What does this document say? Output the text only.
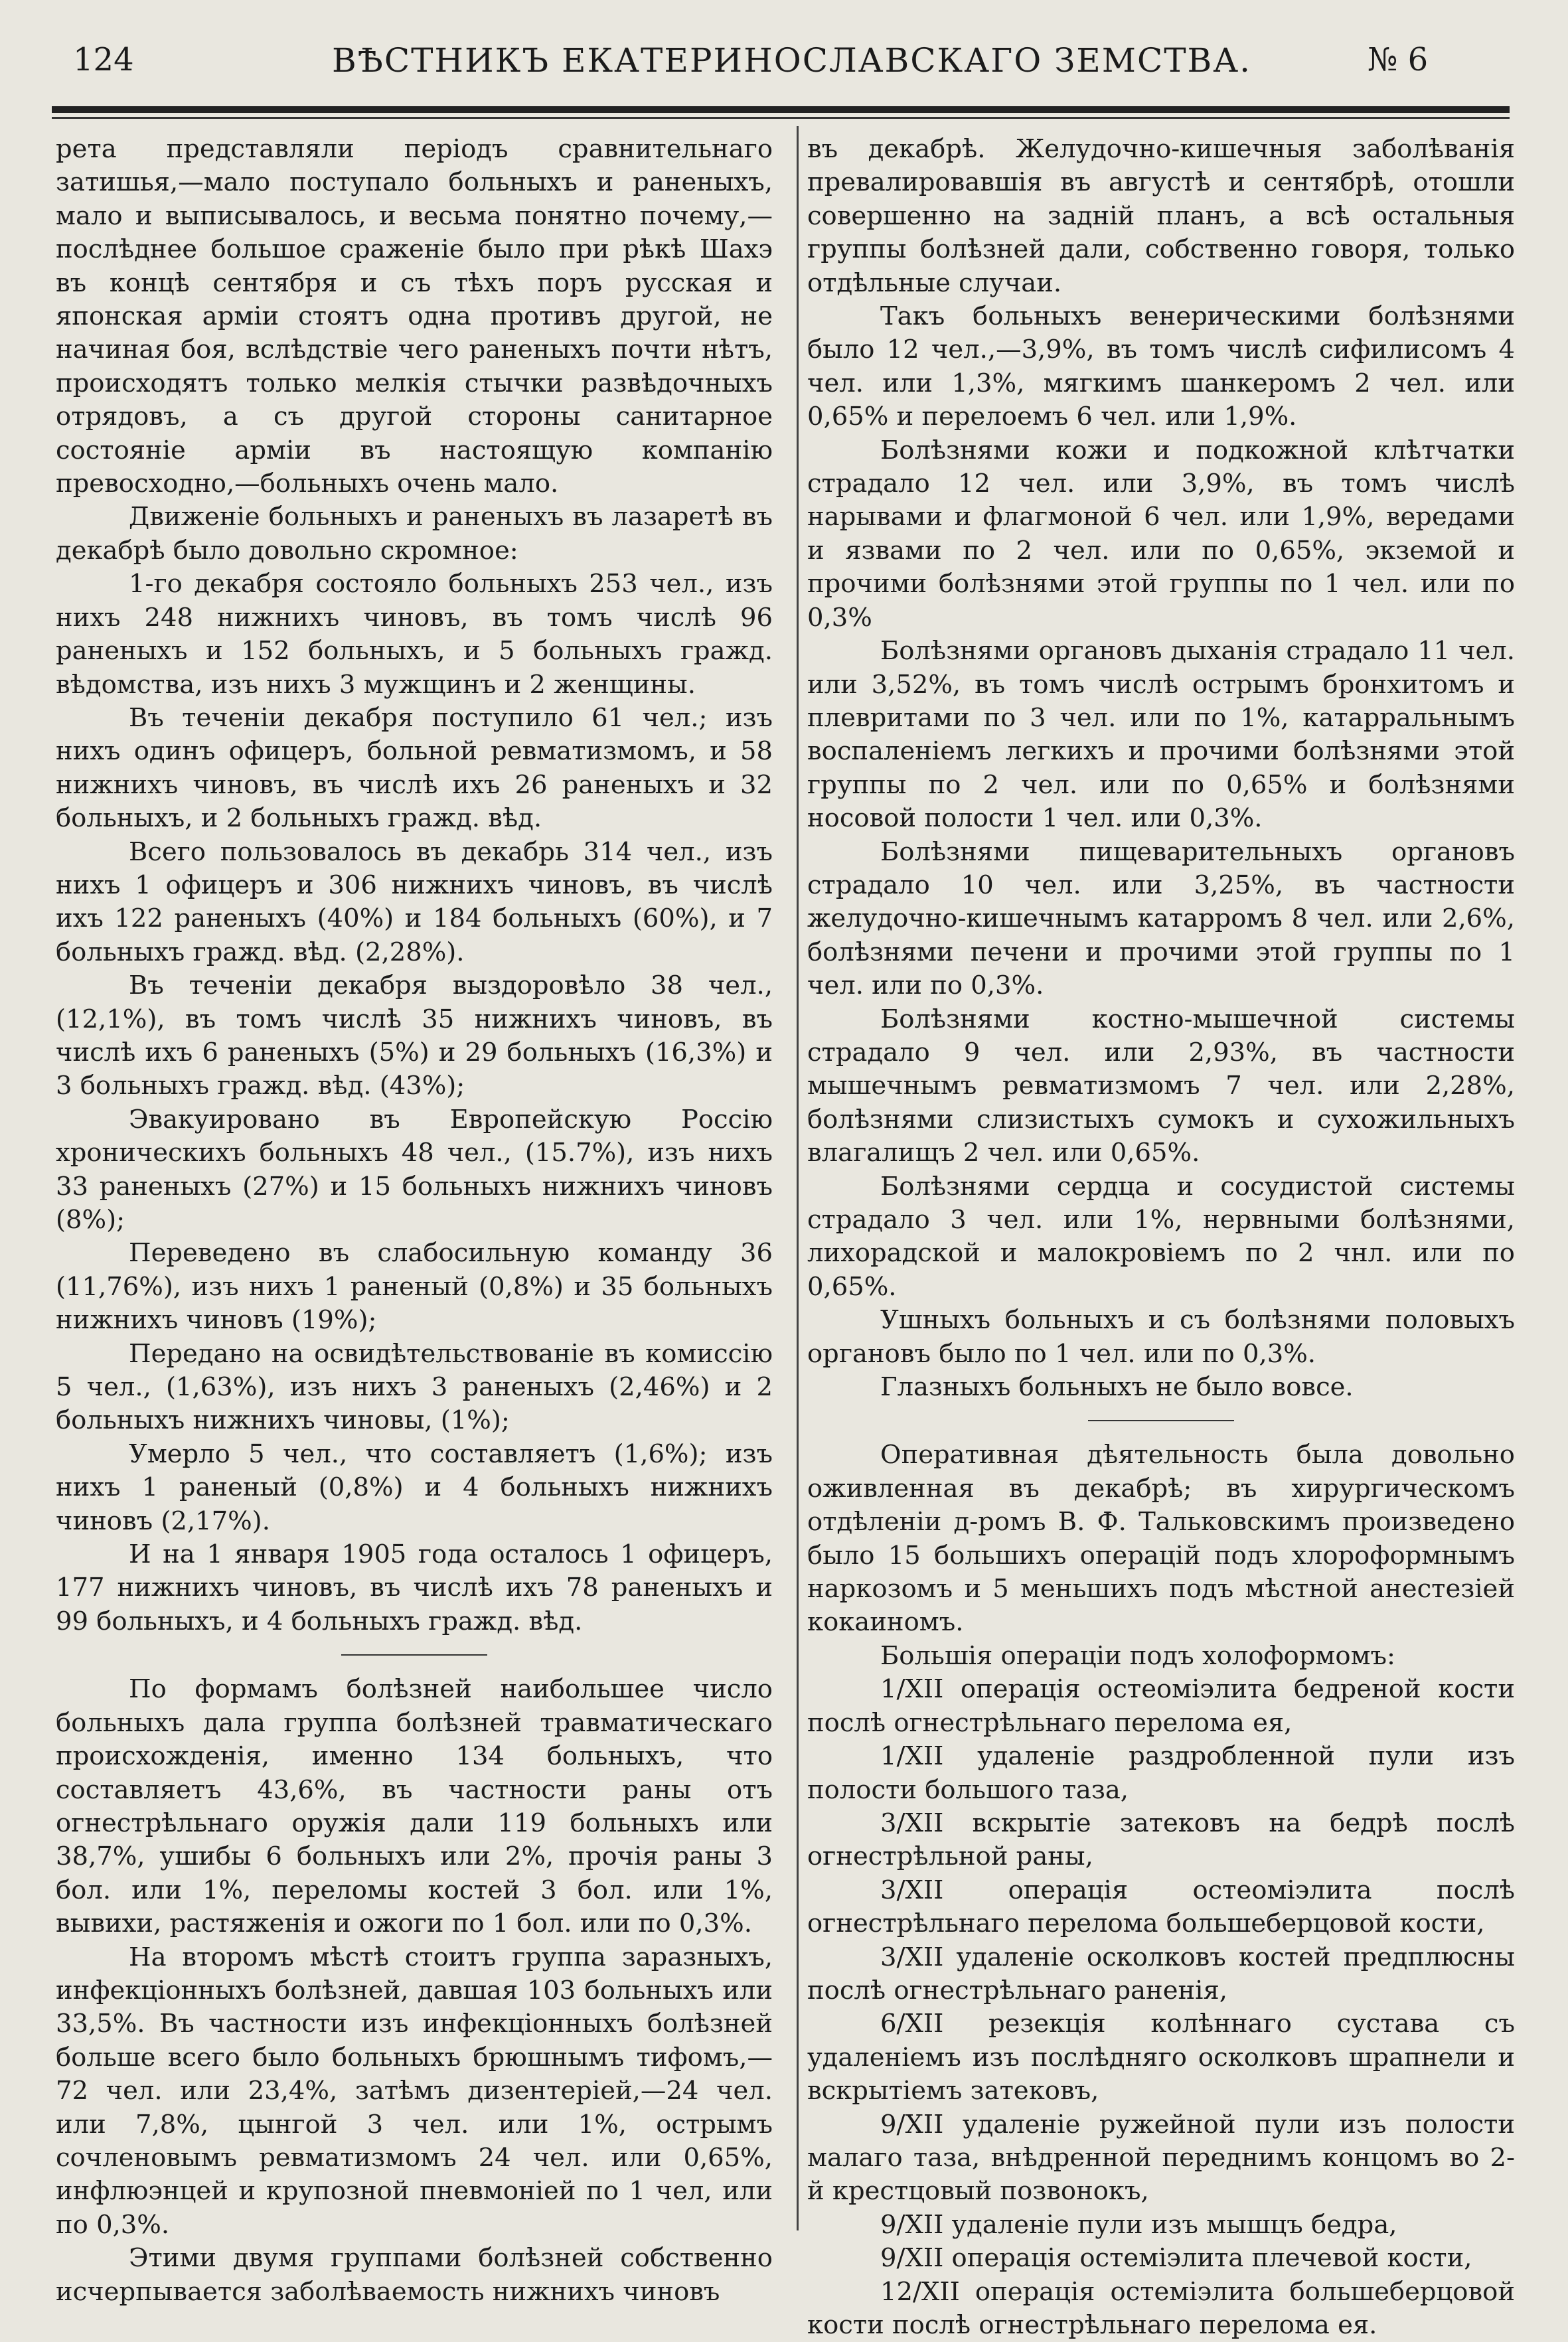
124	ВѢСТНИКЪ ЕКАТЕРИНОСЛАВСКАГО ЗЕМСТВА.	№ 6

рета представляли періодъ сравнительнаго затишья,—мало поступало больныхъ и раненыхъ, мало и выписывалось, и весьма понятно почему,—послѣднее большое сраженіе было при рѣкѣ Шахэ въ концѣ сентября и съ тѣхъ поръ русская и японская арміи стоятъ одна противъ другой, не начиная боя, вслѣдствіе чего раненыхъ почти нѣтъ, происходятъ только мелкія стычки развѣдочныхъ отрядовъ, а съ другой стороны санитарное состояніе арміи въ настоящую компанію превосходно,—больныхъ очень мало.

Движеніе больныхъ и раненыхъ въ лазаретѣ въ декабрѣ было довольно скромное:

1-го декабря состояло больныхъ 253 чел., изъ нихъ 248 нижнихъ чиновъ, въ томъ числѣ 96 раненыхъ и 152 больныхъ, и 5 больныхъ гражд. вѣдомства, изъ нихъ 3 мужщинъ и 2 женщины.

Въ теченіи декабря поступило 61 чел.; изъ нихъ одинъ офицеръ, больной ревматизмомъ, и 58 нижнихъ чиновъ, въ числѣ ихъ 26 раненыхъ и 32 больныхъ, и 2 больныхъ гражд. вѣд.

Всего пользовалось въ декабрь 314 чел., изъ нихъ 1 офицеръ и 306 нижнихъ чиновъ, въ числѣ ихъ 122 раненыхъ (40%) и 184 больныхъ (60%), и 7 больныхъ гражд. вѣд. (2,28%).

Въ теченіи декабря выздоровѣло 38 чел., (12,1%), въ томъ числѣ 35 нижнихъ чиновъ, въ числѣ ихъ 6 раненыхъ (5%) и 29 больныхъ (16,3%) и 3 больныхъ гражд. вѣд. (43%);

Эвакуировано въ Европейскую Россію хроническихъ больныхъ 48 чел., (15.7%), изъ нихъ 33 раненыхъ (27%) и 15 больныхъ нижнихъ чиновъ (8%);

Переведено въ слабосильную команду 36 (11,76%), изъ нихъ 1 раненый (0,8%) и 35 больныхъ нижнихъ чиновъ (19%);

Передано на освидѣтельствованіе въ комиссію 5 чел., (1,63%), изъ нихъ 3 раненыхъ (2,46%) и 2 больныхъ нижнихъ чиновы, (1%);

Умерло 5 чел., что составляетъ (1,6%); изъ нихъ 1 раненый (0,8%) и 4 больныхъ нижнихъ чиновъ (2,17%).

И на 1 января 1905 года осталось 1 офицеръ, 177 нижнихъ чиновъ, въ числѣ ихъ 78 раненыхъ и 99 больныхъ, и 4 больныхъ гражд. вѣд.

По формамъ болѣзней наибольшее число больныхъ дала группа болѣзней травматическаго происхожденія, именно 134 больныхъ, что составляетъ 43,6%, въ частности раны отъ огнестрѣльнаго оружія дали 119 больныхъ или 38,7%, ушибы 6 больныхъ или 2%, прочія раны 3 бол. или 1%, переломы костей 3 бол. или 1%, вывихи, растяженія и ожоги по 1 бол. или по 0,3%.

На второмъ мѣстѣ стоитъ группа заразныхъ, инфекціонныхъ болѣзней, давшая 103 больныхъ или 33,5%. Въ частности изъ инфекціонныхъ болѣзней больше всего было больныхъ брюшнымъ тифомъ,—72 чел. или 23,4%, затѣмъ дизентеріей,—24 чел. или 7,8%, цынгой 3 чел. или 1%, острымъ сочленовымъ ревматизмомъ 24 чел. или 0,65%, инфлюэнцей и крупозной пневмоніей по 1 чел, или по 0,3%.

Этими двумя группами болѣзней собственно исчерпывается заболѣваемость нижнихъ чиновъ

въ декабрѣ. Желудочно-кишечныя заболѣванія превалировавшія въ августѣ и сентябрѣ, отошли совершенно на задній планъ, а всѣ остальныя группы болѣзней дали, собственно говоря, только отдѣльные случаи.

Такъ больныхъ венерическими болѣзнями было 12 чел.,—3,9%, въ томъ числѣ сифилисомъ 4 чел. или 1,3%, мягкимъ шанкеромъ 2 чел. или 0,65% и перелоемъ 6 чел. или 1,9%.

Болѣзнями кожи и подкожной клѣтчатки страдало 12 чел. или 3,9%, въ томъ числѣ нарывами и флагмоной 6 чел. или 1,9%, вередами и язвами по 2 чел. или по 0,65%, экземой и прочими болѣзнями этой группы по 1 чел. или по 0,3%

Болѣзнями органовъ дыханія страдало 11 чел. или 3,52%, въ томъ числѣ острымъ бронхитомъ и плевритами по 3 чел. или по 1%, катарральнымъ воспаленіемъ легкихъ и прочими болѣзнями этой группы по 2 чел. или по 0,65% и болѣзнями носовой полости 1 чел. или 0,3%.

Болѣзнями пищеварительныхъ органовъ страдало 10 чел. или 3,25%, въ частности желудочно-кишечнымъ катарромъ 8 чел. или 2,6%, болѣзнями печени и прочими этой группы по 1 чел. или по 0,3%.

Болѣзнями костно-мышечной системы страдало 9 чел. или 2,93%, въ частности мышечнымъ ревматизмомъ 7 чел. или 2,28%, болѣзнями слизистыхъ сумокъ и сухожильныхъ влагалищъ 2 чел. или 0,65%.

Болѣзнями сердца и сосудистой системы страдало 3 чел. или 1%, нервными болѣзнями, лихорадской и малокровіемъ по 2 чнл. или по 0,65%.

Ушныхъ больныхъ и съ болѣзнями половыхъ органовъ было по 1 чел. или по 0,3%.

Глазныхъ больныхъ не было вовсе.

Оперативная дѣятельность была довольно оживленная въ декабрѣ; въ хирургическомъ отдѣленіи д-ромъ В. Ф. Тальковскимъ произведено было 15 большихъ операцій подъ хлороформнымъ наркозомъ и 5 меньшихъ подъ мѣстной анестезіей кокаиномъ.

Большія операціи подъ холоформомъ:

1/XII операція остеоміэлита бедреной кости послѣ огнестрѣльнаго перелома ея,

1/XII удаленіе раздробленной пули изъ полости большого таза,

3/XII вскрытіе затековъ на бедрѣ послѣ огнестрѣльной раны,

3/XII операція остеоміэлита послѣ огнестрѣльнаго перелома большеберцовой кости,

3/XII удаленіе осколковъ костей предплюсны послѣ огнестрѣльнаго раненія,

6/XII резекція колѣннаго сустава съ удаленіемъ изъ послѣдняго осколковъ шрапнели и вскрытіемъ затековъ,

9/XII удаленіе ружейной пули изъ полости малаго таза, внѣдренной переднимъ концомъ во 2-й крестцовый позвонокъ,

9/XII удаленіе пули изъ мышцъ бедра,

9/XII операція остеміэлита плечевой кости,

12/XII операція остеміэлита большеберцовой кости послѣ огнестрѣльнаго перелома ея.
